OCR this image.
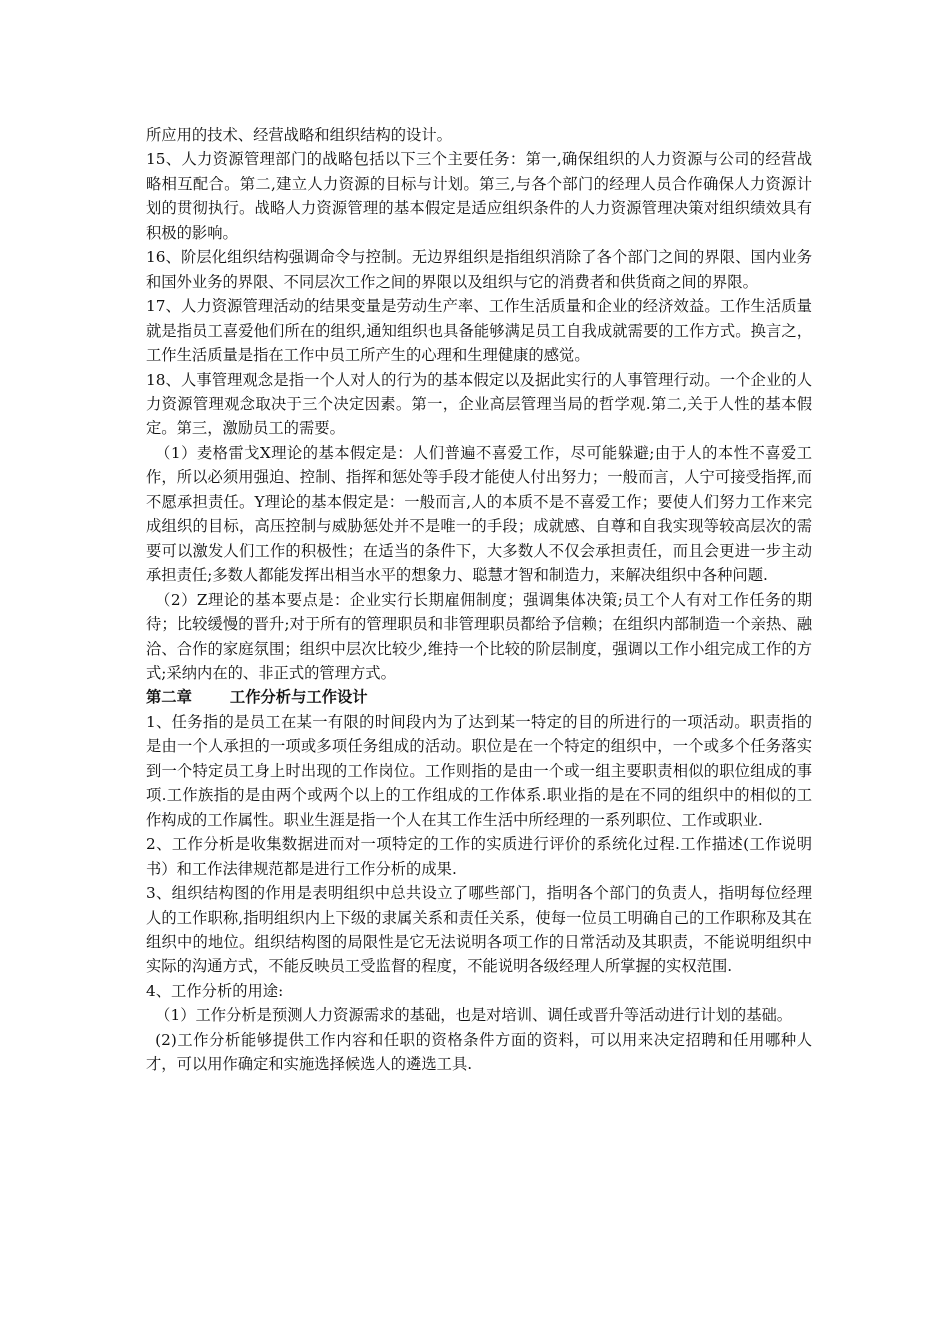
所应用的技术、经营战略和组织结构的设计。

15、人力资源管理部门的战略包括以下三个主要任务：第一,确保组织的人力资源与公司的经营战略相互配合。第二,建立人力资源的目标与计划。第三,与各个部门的经理人员合作确保人力资源计划的贯彻执行。战略人力资源管理的基本假定是适应组织条件的人力资源管理决策对组织绩效具有积极的影响。

16、阶层化组织结构强调命令与控制。无边界组织是指组织消除了各个部门之间的界限、国内业务和国外业务的界限、不同层次工作之间的界限以及组织与它的消费者和供货商之间的界限。

17、人力资源管理活动的结果变量是劳动生产率、工作生活质量和企业的经济效益。工作生活质量就是指员工喜爱他们所在的组织,通知组织也具备能够满足员工自我成就需要的工作方式。换言之，工作生活质量是指在工作中员工所产生的心理和生理健康的感觉。

18、人事管理观念是指一个人对人的行为的基本假定以及据此实行的人事管理行动。一个企业的人力资源管理观念取决于三个决定因素。第一，企业高层管理当局的哲学观.第二,关于人性的基本假定。第三，激励员工的需要。

（1）麦格雷戈X理论的基本假定是：人们普遍不喜爱工作，尽可能躲避;由于人的本性不喜爱工作，所以必须用强迫、控制、指挥和惩处等手段才能使人付出努力；一般而言，人宁可接受指挥,而不愿承担责任。Y理论的基本假定是：一般而言,人的本质不是不喜爱工作；要使人们努力工作来完成组织的目标，高压控制与威胁惩处并不是唯一的手段；成就感、自尊和自我实现等较高层次的需要可以激发人们工作的积极性；在适当的条件下，大多数人不仅会承担责任，而且会更进一步主动承担责任;多数人都能发挥出相当水平的想象力、聪慧才智和制造力，来解决组织中各种问题.

（2）Z理论的基本要点是：企业实行长期雇佣制度；强调集体决策;员工个人有对工作任务的期待；比较缓慢的晋升;对于所有的管理职员和非管理职员都给予信赖；在组织内部制造一个亲热、融洽、合作的家庭氛围；组织中层次比较少,维持一个比较的阶层制度，强调以工作小组完成工作的方式;采纳内在的、非正式的管理方式。

第二章 工作分析与工作设计

1、任务指的是员工在某一有限的时间段内为了达到某一特定的目的所进行的一项活动。职责指的是由一个人承担的一项或多项任务组成的活动。职位是在一个特定的组织中，一个或多个任务落实到一个特定员工身上时出现的工作岗位。工作则指的是由一个或一组主要职责相似的职位组成的事项.工作族指的是由两个或两个以上的工作组成的工作体系.职业指的是在不同的组织中的相似的工作构成的工作属性。职业生涯是指一个人在其工作生活中所经理的一系列职位、工作或职业.

2、工作分析是收集数据进而对一项特定的工作的实质进行评价的系统化过程.工作描述(工作说明书）和工作法律规范都是进行工作分析的成果.

3、组织结构图的作用是表明组织中总共设立了哪些部门，指明各个部门的负责人，指明每位经理人的工作职称,指明组织内上下级的隶属关系和责任关系，使每一位员工明确自己的工作职称及其在组织中的地位。组织结构图的局限性是它无法说明各项工作的日常活动及其职责，不能说明组织中实际的沟通方式，不能反映员工受监督的程度，不能说明各级经理人所掌握的实权范围.

4、工作分析的用途:

（1）工作分析是预测人力资源需求的基础，也是对培训、调任或晋升等活动进行计划的基础。

(2)工作分析能够提供工作内容和任职的资格条件方面的资料，可以用来决定招聘和任用哪种人才，可以用作确定和实施选择候选人的遴选工具.
